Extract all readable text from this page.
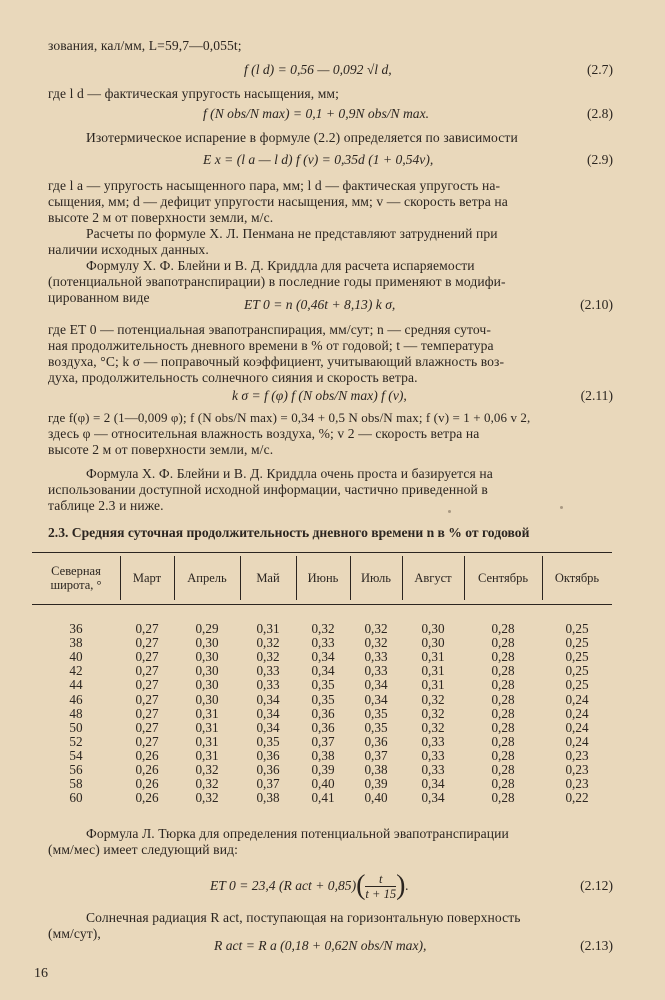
зования, кал/мм, L=59,7—0,055t;
f (l d) = 0,56 — 0,092 √l d,	(2.7)
где l d — фактическая упругость насыщения, мм;
f (N obs/N max) = 0,1 + 0,9N obs/N max.	(2.8)
Изотермическое испарение в формуле (2.2) определяется по зависимости
E x = (l a — l d) f (v) = 0,35d (1 + 0,54v),	(2.9)
где l a — упругость насыщенного пара, мм; l d — фактическая упругость на-
сыщения, мм; d — дефицит упругости насыщения, мм; v — скорость ветра на
высоте 2 м от поверхности земли, м/с.
Расчеты по формуле Х. Л. Пенмана не представляют затруднений при
наличии исходных данных.
Формулу Х. Ф. Блейни и В. Д. Криддла для расчета испаряемости
(потенциальной эвапотранспирации) в последние годы применяют в модифи-
цированном виде	ET 0 = n (0,46t + 8,13) k σ,	(2.10)
где ET 0 — потенциальная эвапотранспирация, мм/сут; n — средняя суточ-
ная продолжительность дневного времени в % от годовой; t — температура
воздуха, °C; k σ — поправочный коэффициент, учитывающий влажность воз-
духа, продолжительность солнечного сияния и скорость ветра.
k σ = f (φ) f (N obs/N max) f (v),	(2.11)
где f(φ) = 2 (1—0,009 φ); f (N obs/N max) = 0,34 + 0,5 N obs/N max; f (v) = 1 + 0,06 v 2,
здесь φ — относительная влажность воздуха, %; v 2 — скорость ветра на
высоте 2 м от поверхности земли, м/с.
Формула Х. Ф. Блейни и В. Д. Криддла очень проста и базируется на
использовании доступной исходной информации, частично приведенной в
таблице 2.3 и ниже.
2.3. Средняя суточная продолжительность дневного времени n в % от годовой
Северная широта, °	Март	Апрель	Май	Июнь	Июль	Август	Сентябрь	Октябрь
36	0,27	0,29	0,31	0,32	0,32	0,30	0,28	0,25
38	0,27	0,30	0,32	0,33	0,32	0,30	0,28	0,25
40	0,27	0,30	0,32	0,34	0,33	0,31	0,28	0,25
42	0,27	0,30	0,33	0,34	0,33	0,31	0,28	0,25
44	0,27	0,30	0,33	0,35	0,34	0,31	0,28	0,25
46	0,27	0,30	0,34	0,35	0,34	0,32	0,28	0,24
48	0,27	0,31	0,34	0,36	0,35	0,32	0,28	0,24
50	0,27	0,31	0,34	0,36	0,35	0,32	0,28	0,24
52	0,27	0,31	0,35	0,37	0,36	0,33	0,28	0,24
54	0,26	0,31	0,36	0,38	0,37	0,33	0,28	0,23
56	0,26	0,32	0,36	0,39	0,38	0,33	0,28	0,23
58	0,26	0,32	0,37	0,40	0,39	0,34	0,28	0,23
60	0,26	0,32	0,38	0,41	0,40	0,34	0,28	0,22
Формула Л. Тюрка для определения потенциальной эвапотранспирации
(мм/мес) имеет следующий вид:
ET 0 = 23,4 (R act + 0,85) ( $\frac{t}{t + 15}$ ) .	(2.12)
Солнечная радиация R act, поступающая на горизонтальную поверхность
(мм/сут),
R act = R a (0,18 + 0,62N obs/N max),	(2.13)
16
